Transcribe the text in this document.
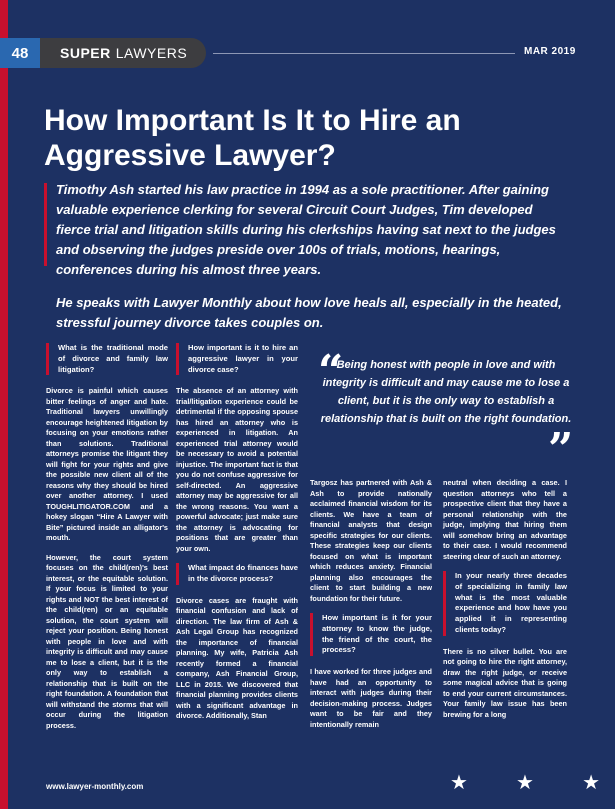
48	SUPER LAWYERS	MAR 2019
How Important Is It to Hire an Aggressive Lawyer?

Timothy Ash started his law practice in 1994 as a sole practitioner. After gaining valuable experience clerking for several Circuit Court Judges, Tim developed fierce trial and litigation skills during his clerkships having sat next to the judges and observing the judges preside over 100s of trials, motions, hearings, conferences during his almost three years.

He speaks with Lawyer Monthly about how love heals all, especially in the heated, stressful journey divorce takes couples on.

What is the traditional mode of divorce and family law litigation?

Divorce is painful which causes bitter feelings of anger and hate. Traditional lawyers unwillingly encourage heightened litigation by focusing on your emotions rather than solutions. Traditional attorneys promise the litigant they will fight for your rights and give the possible new client all of the reasons why they should be hired over another attorney. I used TOUGHLITIGATOR.COM and a hokey slogan “Hire A Lawyer with Bite” pictured inside an alligator's mouth.

However, the court system focuses on the child(ren)'s best interest, or the equitable solution. If your focus is limited to your rights and NOT the best interest of the child(ren) or an equitable solution, the court system will reject your position. Being honest with people in love and with integrity is difficult and may cause me to lose a client, but it is the only way to establish a relationship that is built on the right foundation. A foundation that will withstand the storms that will occur during the litigation process.

How important is it to hire an aggressive lawyer in your divorce case?

The absence of an attorney with trial/litigation experience could be detrimental if the opposing spouse has hired an attorney who is experienced in litigation. An experienced trial attorney would be necessary to avoid a potential injustice. The important fact is that you do not confuse aggressive for self-directed. An aggressive attorney may be aggressive for all the wrong reasons. You want a powerful advocate; just make sure the attorney is advocating for positions that are greater than your own.

What impact do finances have in the divorce process?

Divorce cases are fraught with financial confusion and lack of direction. The law firm of Ash & Ash Legal Group has recognized the importance of financial planning. My wife, Patricia Ash recently formed a financial company, Ash Financial Group, LLC in 2015. We discovered that financial planning provides clients with a significant advantage in divorce. Additionally, Stan

“
Being honest with people in love and with integrity is difficult and may cause me to lose a client, but it is the only way to establish a relationship that is built on the right foundation.
”

Targosz has partnered with Ash & Ash to provide nationally acclaimed financial wisdom for its clients. We have a team of financial analysts that design specific strategies for our clients. These strategies keep our clients focused on what is important which reduces anxiety. Financial planning also encourages the client to start building a new foundation for their future.

How important is it for your attorney to know the judge, the friend of the court, the process?

I have worked for three judges and have had an opportunity to interact with judges during their decision-making process. Judges want to be fair and they intentionally remain

neutral when deciding a case. I question attorneys who tell a prospective client that they have a personal relationship with the judge, implying that hiring them will somehow bring an advantage to their case. I would recommend steering clear of such an attorney.

In your nearly three decades of specializing in family law what is the most valuable experience and how have you applied it in representing clients today?

There is no silver bullet. You are not going to hire the right attorney, draw the right judge, or receive some magical advice that is going to end your current circumstances. Your family law issue has been brewing for a long

www.lawyer-monthly.com	★ ★ ★
